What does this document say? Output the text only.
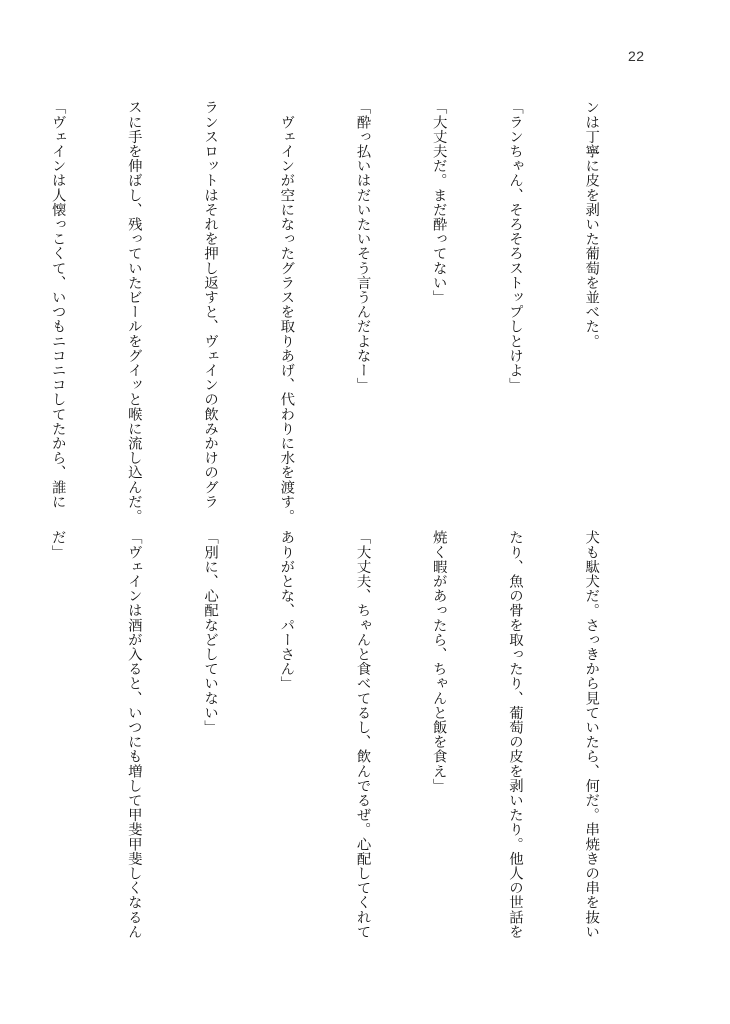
22

ンは丁寧に皮を剥いた葡萄を並べた。

「ランちゃん、そろそろストップしとけよ」

「大丈夫だ。まだ酔ってない」

「酔っ払いはだいたいそう言うんだよなー」

　ヴェインが空になったグラスを取りあげ、代わりに水を渡す。

ランスロットはそれを押し返すと、ヴェインの飲みかけのグラ

スに手を伸ばし、残っていたビールをグイッと喉に流し込んだ。

「ヴェインは人懐っこくて、いつもニコニコしてたから、誰に

犬も駄犬だ。さっきから見ていたら、何だ。串焼きの串を抜い

たり、魚の骨を取ったり、葡萄の皮を剥いたり。他人の世話を

焼く暇があったら、ちゃんと飯を食え」

「大丈夫、ちゃんと食べてるし、飲んでるぜ。心配してくれて

ありがとな、パーさん」

「別に、心配などしていない」

「ヴェインは酒が入ると、いつにも増して甲斐甲斐しくなるん

だ」
